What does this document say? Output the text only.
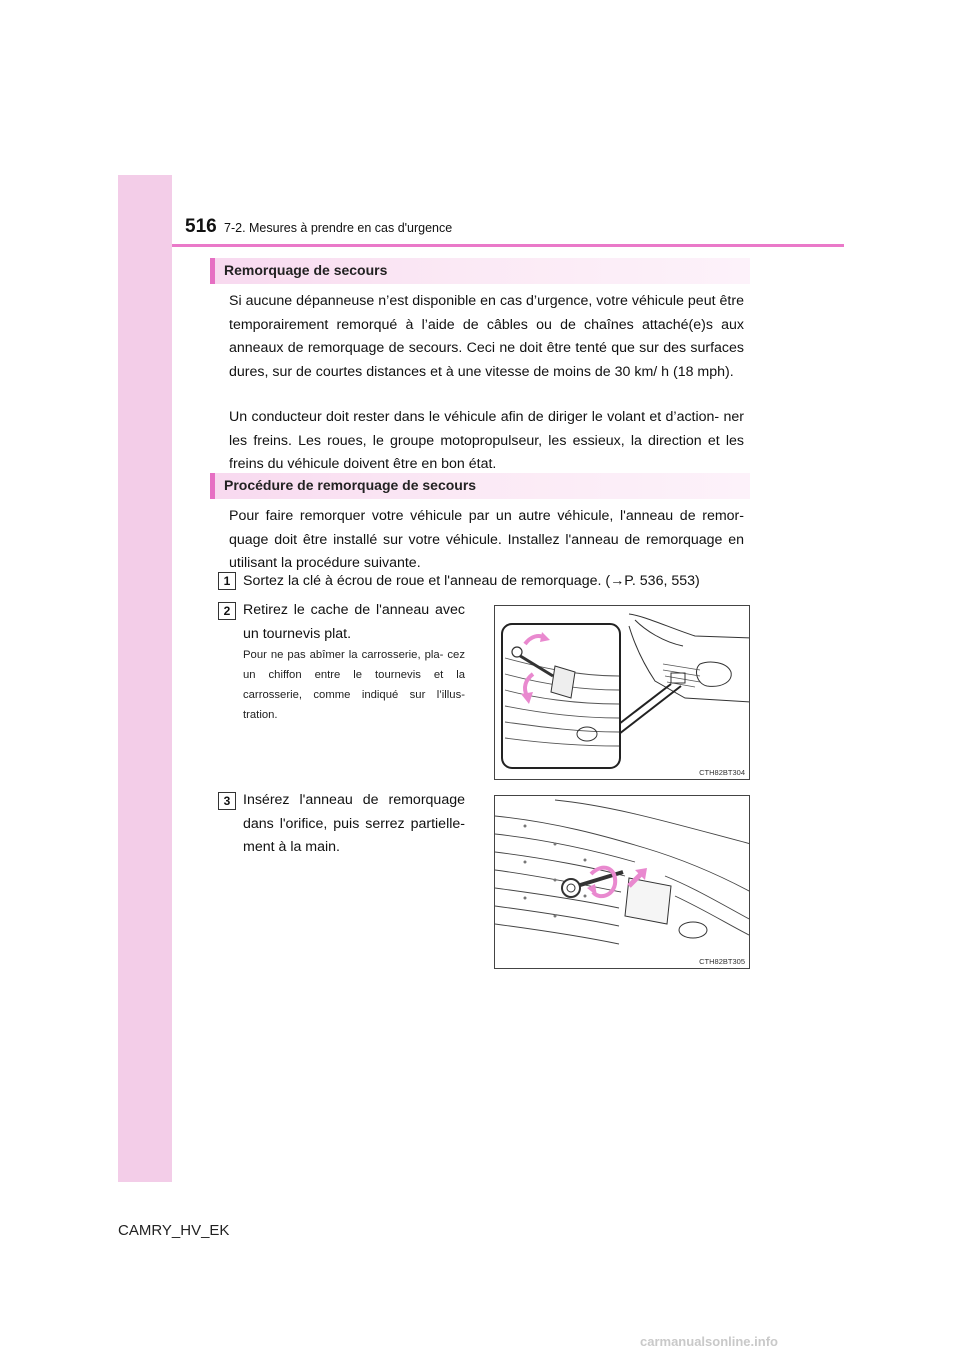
516 7-2. Mesures à prendre en cas d'urgence
Remorquage de secours

Si aucune dépanneuse n’est disponible en cas d’urgence, votre véhicule peut être temporairement remorqué à l’aide de câbles ou de chaînes attaché(e)s aux anneaux de remorquage de secours. Ceci ne doit être tenté que sur des surfaces dures, sur de courtes distances et à une vitesse de moins de 30 km/ h (18 mph).

Un conducteur doit rester dans le véhicule afin de diriger le volant et d’action- ner les freins. Les roues, le groupe motopropulseur, les essieux, la direction et les freins du véhicule doivent être en bon état.

Procédure de remorquage de secours

Pour faire remorquer votre véhicule par un autre véhicule, l'anneau de remor- quage doit être installé sur votre véhicule. Installez l'anneau de remorquage en utilisant la procédure suivante.

1 Sortez la clé à écrou de roue et l'anneau de remorquage. (→P. 536, 553)

2 Retirez le cache de l'anneau avec un tournevis plat.

Pour ne pas abîmer la carrosserie, pla- cez un chiffon entre le tournevis et la carrosserie, comme indiqué sur l’illus- tration.

CTH82BT304
3 Insérez l'anneau de remorquage dans l'orifice, puis serrez partielle- ment à la main.

CTH82BT305
CAMRY_HV_EK
carmanualsonline.info
